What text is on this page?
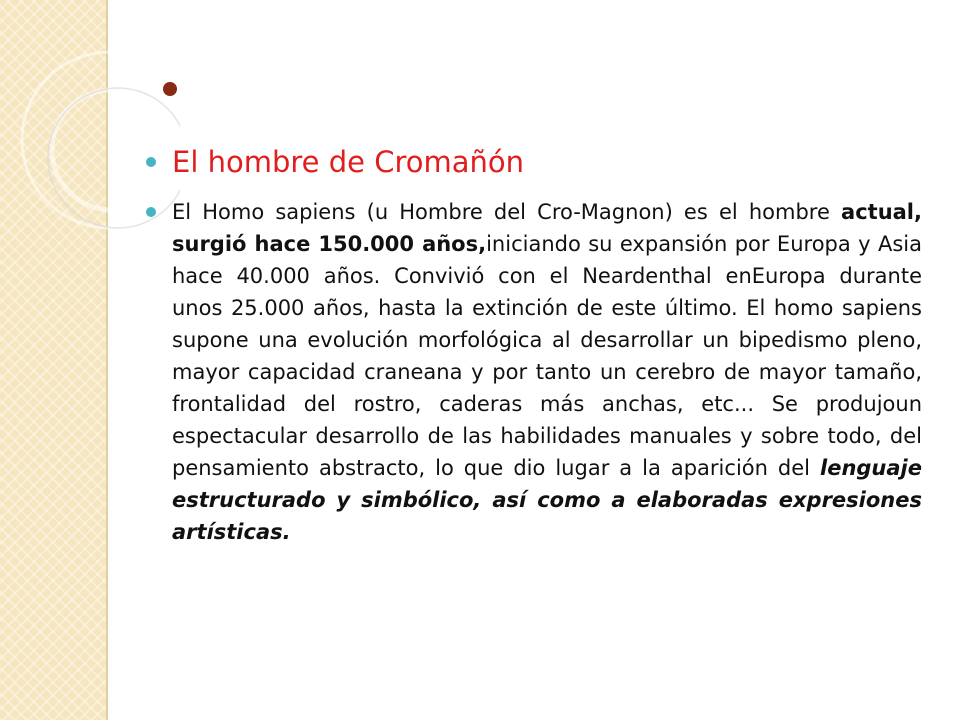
El hombre de Cromañón

El Homo sapiens (u Hombre del Cro-Magnon) es el hombre actual, surgió hace 150.000 años,iniciando su expansión por Europa y Asia hace 40.000 años. Convivió con el Neardenthal enEuropa durante unos 25.000 años, hasta la extinción de este último. El homo sapiens supone una evolución morfológica al desarrollar un bipedismo pleno, mayor capacidad craneana y por tanto un cerebro de mayor tamaño, frontalidad del rostro, caderas más anchas, etc... Se produjoun espectacular desarrollo de las habilidades manuales y sobre todo, del pensamiento abstracto, lo que dio lugar a la aparición del lenguaje estructurado y simbólico, así como a elaboradas expresiones artísticas.
